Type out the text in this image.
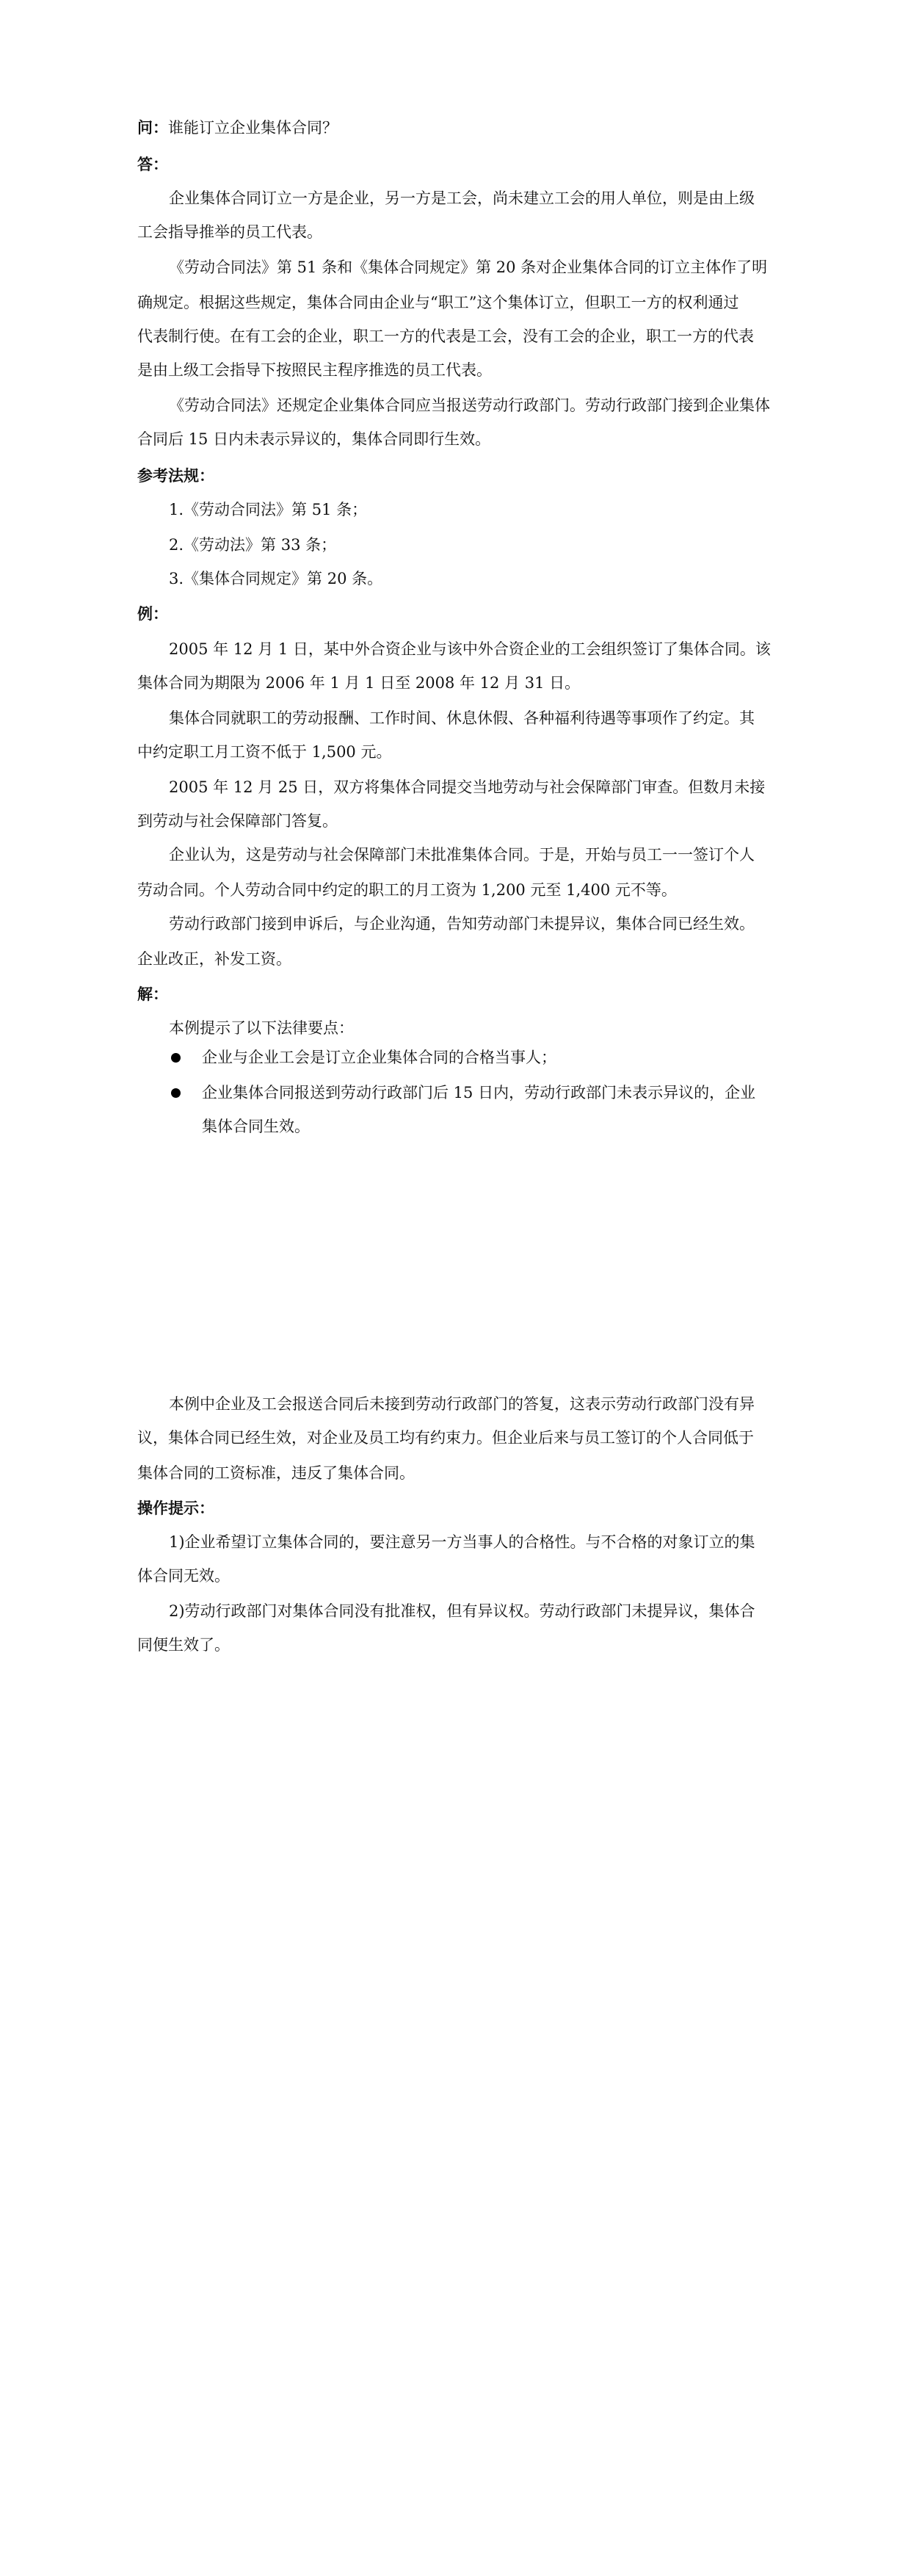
问：谁能订立企业集体合同？
答：
企业集体合同订立一方是企业，另一方是工会，尚未建立工会的用人单位，则是由上级
工会指导推举的员工代表。
《劳动合同法》第 51 条和《集体合同规定》第 20 条对企业集体合同的订立主体作了明
确规定。根据这些规定，集体合同由企业与“职工”这个集体订立，但职工一方的权利通过
代表制行使。在有工会的企业，职工一方的代表是工会，没有工会的企业，职工一方的代表
是由上级工会指导下按照民主程序推选的员工代表。
《劳动合同法》还规定企业集体合同应当报送劳动行政部门。劳动行政部门接到企业集体
合同后 15 日内未表示异议的，集体合同即行生效。
参考法规：
1.《劳动合同法》第 51 条；
2.《劳动法》第 33 条；
3.《集体合同规定》第 20 条。
例：
2005 年 12 月 1 日，某中外合资企业与该中外合资企业的工会组织签订了集体合同。该
集体合同为期限为 2006 年 1 月 1 日至 2008 年 12 月 31 日。
集体合同就职工的劳动报酬、工作时间、休息休假、各种福利待遇等事项作了约定。其
中约定职工月工资不低于 1,500 元。
2005 年 12 月 25 日，双方将集体合同提交当地劳动与社会保障部门审查。但数月未接
到劳动与社会保障部门答复。
企业认为，这是劳动与社会保障部门未批准集体合同。于是，开始与员工一一签订个人
劳动合同。个人劳动合同中约定的职工的月工资为 1,200 元至 1,400 元不等。
劳动行政部门接到申诉后，与企业沟通，告知劳动部门未提异议，集体合同已经生效。
企业改正，补发工资。
解：
本例提示了以下法律要点：
企业与企业工会是订立企业集体合同的合格当事人；
企业集体合同报送到劳动行政部门后 15 日内，劳动行政部门未表示异议的，企业
集体合同生效。
本例中企业及工会报送合同后未接到劳动行政部门的答复，这表示劳动行政部门没有异
议，集体合同已经生效，对企业及员工均有约束力。但企业后来与员工签订的个人合同低于
集体合同的工资标准，违反了集体合同。
操作提示：
1)企业希望订立集体合同的，要注意另一方当事人的合格性。与不合格的对象订立的集
体合同无效。
2)劳动行政部门对集体合同没有批准权，但有异议权。劳动行政部门未提异议，集体合
同便生效了。
